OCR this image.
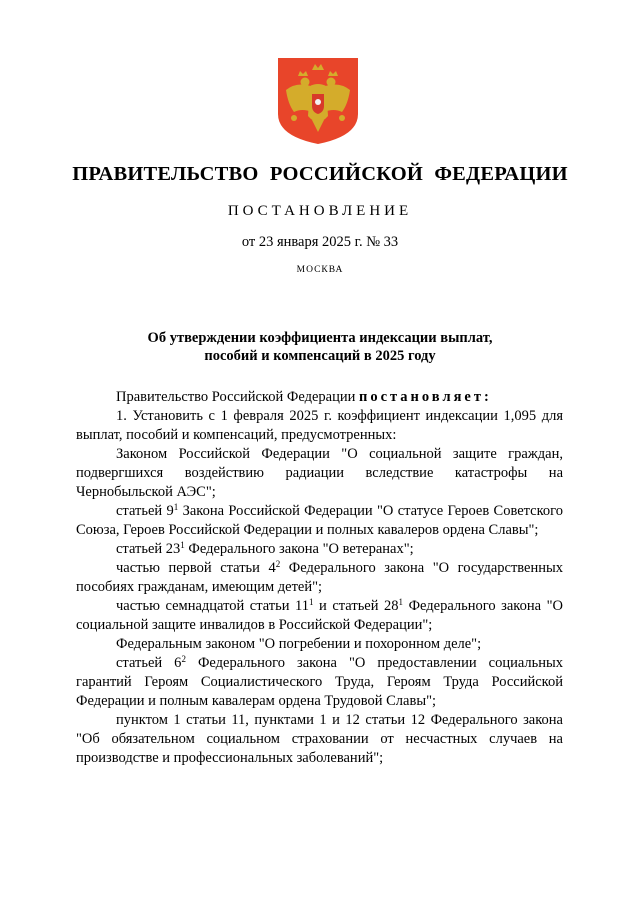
ПРАВИТЕЛЬСТВО РОССИЙСКОЙ ФЕДЕРАЦИИ
ПОСТАНОВЛЕНИЕ
от 23 января 2025 г. № 33
МОСКВА
Об утверждении коэффициента индексации выплат,
пособий и компенсаций в 2025 году

Правительство Российской Федерации постановляет:

1. Установить с 1 февраля 2025 г. коэффициент индексации 1,095 для выплат, пособий и компенсаций, предусмотренных:

Законом Российской Федерации "О социальной защите граждан, подвергшихся воздействию радиации вследствие катастрофы на Чернобыльской АЭС";

статьей $9^1$ Закона Российской Федерации "О статусе Героев Советского Союза, Героев Российской Федерации и полных кавалеров ордена Славы";

статьей $23^1$ Федерального закона "О ветеранах";

частью первой статьи $4^2$ Федерального закона "О государственных пособиях гражданам, имеющим детей";

частью семнадцатой статьи $11^1$ и статьей $28^1$ Федерального закона "О социальной защите инвалидов в Российской Федерации";

Федеральным законом "О погребении и похоронном деле";

статьей $6^2$ Федерального закона "О предоставлении социальных гарантий Героям Социалистического Труда, Героям Труда Российской Федерации и полным кавалерам ордена Трудовой Славы";

пунктом 1 статьи 11, пунктами 1 и 12 статьи 12 Федерального закона "Об обязательном социальном страховании от несчастных случаев на производстве и профессиональных заболеваний";
